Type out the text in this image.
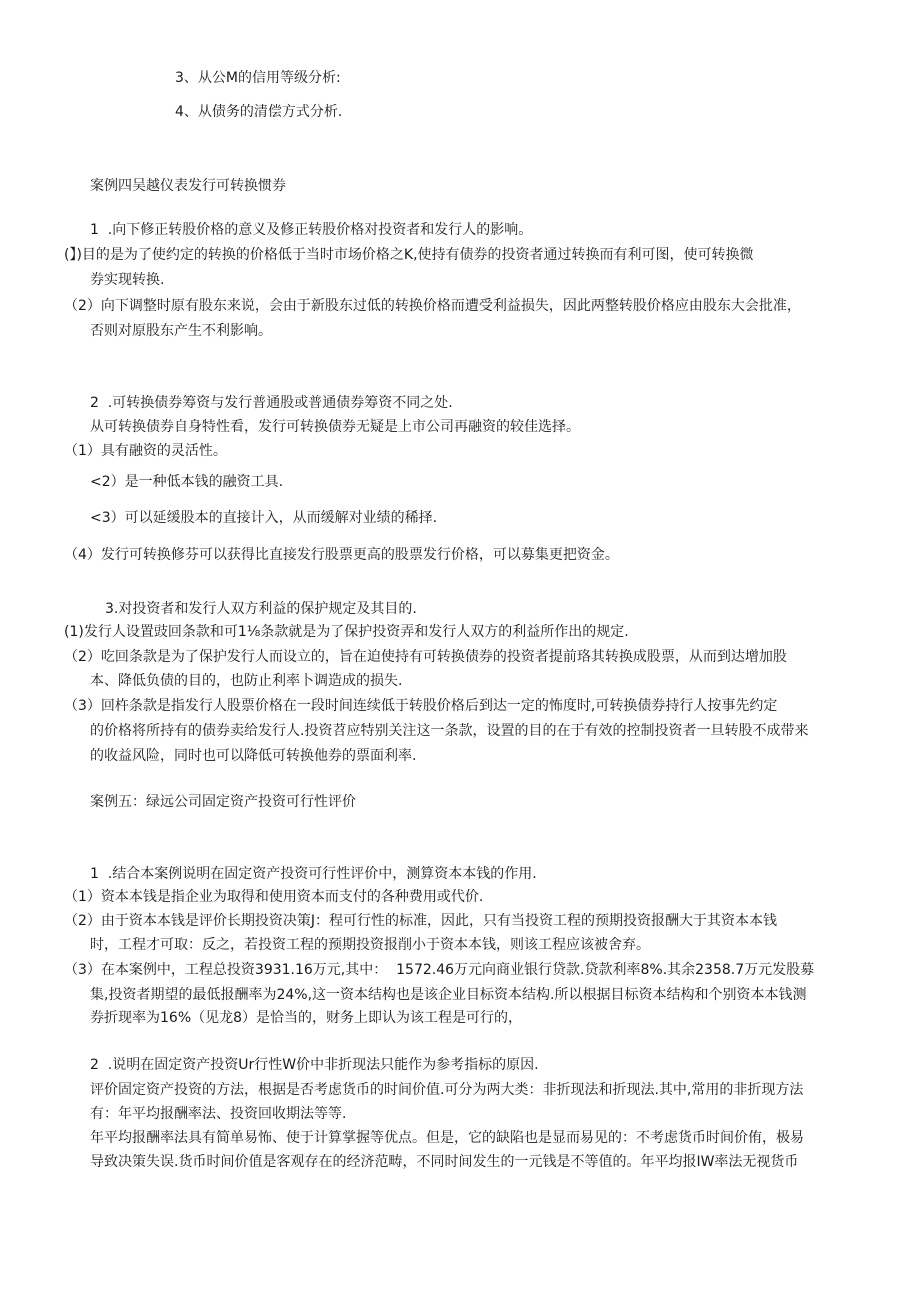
3、从公M的信用等级分析:
4、从债务的清偿方式分析.
案例四吴越仪表发行可转换惯券
1  .向下修正转股价格的意义及修正转股价格对投资者和发行人的影响。
(】)目的是为了使约定的转换的价格低于当时市场价格之K,使持有债券的投资者通过转换而有利可图，使可转换微
券实现转换.
（2）向下调整时原有股东来说，会由于新股东过低的转换价格而遭受利益损失，因此两整转股价格应由股东大会批准，
否则对原股东产生不利影响。
2  .可转换债券筹资与发行普通股或普通债券筹资不同之处.
从可转换债券自身特性看，发行可转换债券无疑是上市公司再融资的较佳选择。
（1）具有融资的灵活性。
<2）是一种低本钱的融资工具.
<3）可以延缓股本的直接计入，从而缓解对业绩的稀择.
（4）发行可转换修芬可以获得比直接发行股票更高的股票发行价格，可以募集更把资金。
3.对投资者和发行人双方利益的保护规定及其目的.
(1)发行人设置豉回条款和可1⅛条款就是为了保护投资弄和发行人双方的利益所作出的规定.
（2）吃回条款是为了保护发行人而设立的，旨在迫使持有可转换债券的投资者提前珞其转换成股票，从而到达增加股
本、降低负债的目的，也防止利率卜调造成的损失.
（3）回杵条款是指发行人股票价格在一段时间连续低于转股价格后到达一定的怖度时,可转换债券持行人按事先约定
的价格将所持有的债券卖给发行人.投资苕应特别关注这一条款，设置的目的在于有效的控制投资者一旦转股不成带来
的收益风险，同时也可以降低可转换他券的票面利率.
案例五：绿远公司固定资产投资可行性评价
1  .结合本案例说明在固定资产投资可行性评价中，测算资本本钱的作用.
（1）资本本钱是指企业为取得和使用资本而支付的各种费用或代价.
（2）由于资本本钱是评价长期投资决策J：程可行性的标准，因此，只有当投资工程的预期投资报酬大于其资本本钱
时，工程才可取：反之，若投资工程的预期投资报削小于资本本钱，则该工程应该被舍弃。
（3）在本案例中，工程总投资3931.16万元,其中：  1572.46万元向商业银行贷款.贷款利率8%.其余2358.7万元发股募
集,投资者期望的最低报酬率为24%,这一资本结构也是该企业目标资本结构.所以根据目标资本结构和个别资本本钱测
券折现率为16%（见龙8）是恰当的，财务上即认为该工程是可行的，
2  .说明在固定资产投资Ur行性W价中非折现法只能作为参考指标的原因.
评价固定资产投资的方法，根据是否考虑货币的时间价值.可分为两大类：非折现法和折现法.其中,常用的非折现方法
有：年平均报酬率法、投资回收期法等等.
年平均报酬率法具有简单易怖、使于计算掌握等优点。但是，它的缺陷也是显而易见的：不考虑货币时间价侑，极易
导致决策失误.货币时间价值是客观存在的经济范畴，不同时间发生的一元钱是不等值的。年平均报IW率法无视货币
